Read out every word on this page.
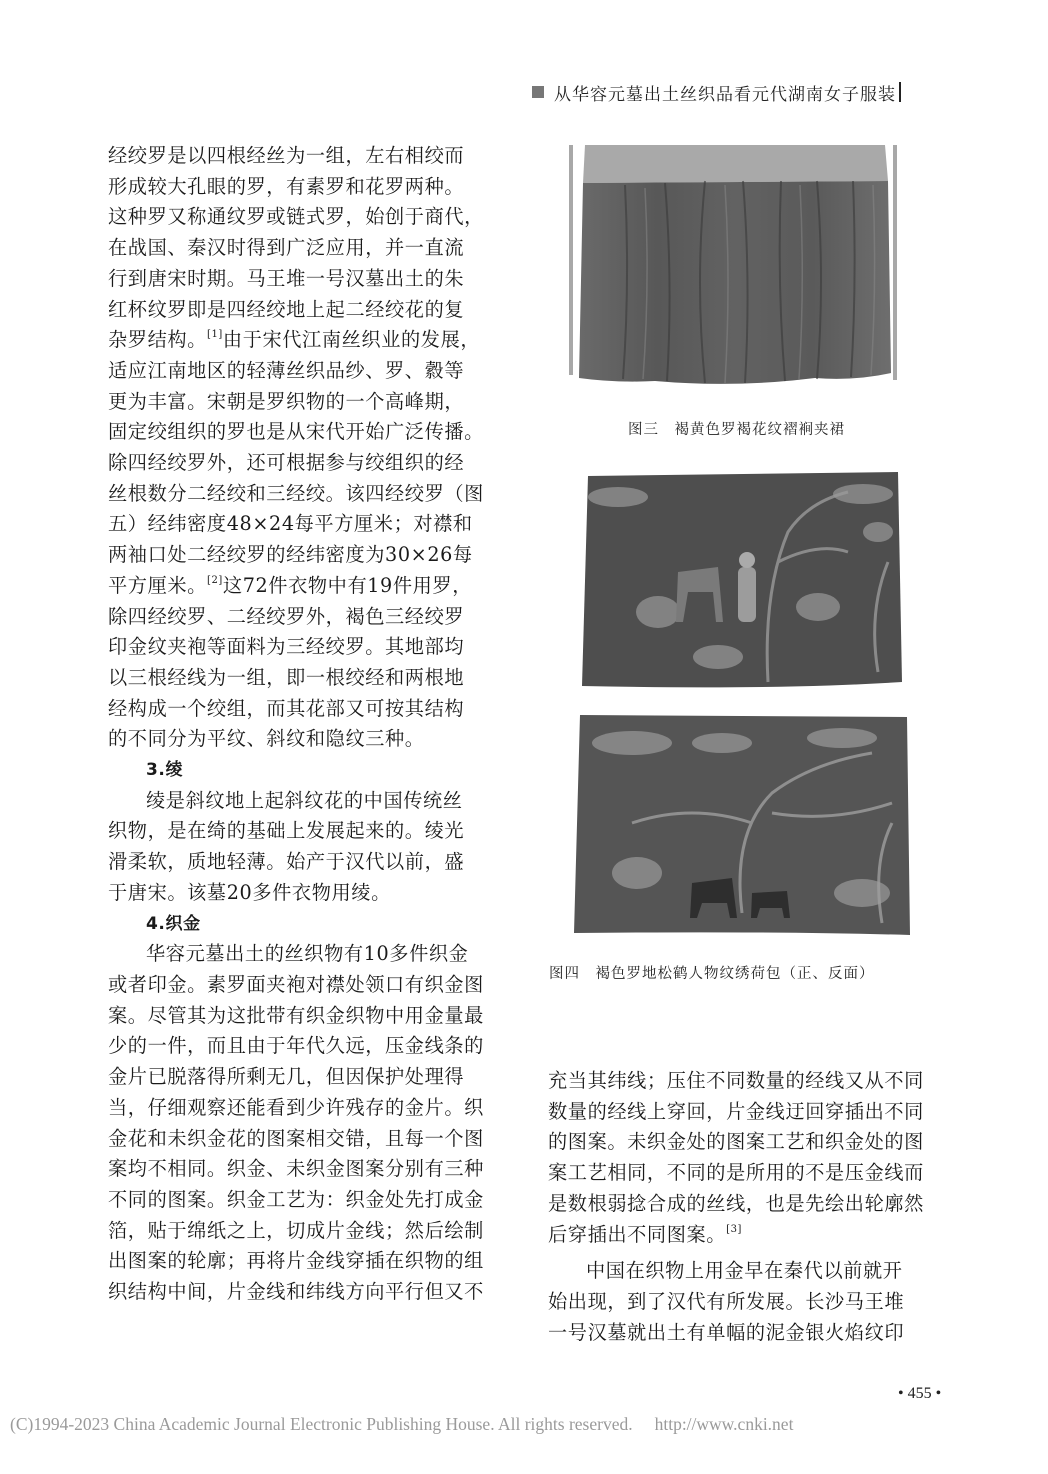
从华容元墓出土丝织品看元代湖南女子服装

经绞罗是以四根经丝为一组，左右相绞而

形成较大孔眼的罗，有素罗和花罗两种。

这种罗又称通纹罗或链式罗，始创于商代，

在战国、秦汉时得到广泛应用，并一直流

行到唐宋时期。马王堆一号汉墓出土的朱

红杯纹罗即是四经绞地上起二经绞花的复

杂罗结构。[1]由于宋代江南丝织业的发展，

适应江南地区的轻薄丝织品纱、罗、縠等

更为丰富。宋朝是罗织物的一个高峰期，

固定绞组织的罗也是从宋代开始广泛传播。

除四经绞罗外，还可根据参与绞组织的经

丝根数分二经绞和三经绞。该四经绞罗（图

五）经纬密度48×24每平方厘米；对襟和

两袖口处二经绞罗的经纬密度为30×26每

平方厘米。[2]这72件衣物中有19件用罗，

除四经绞罗、二经绞罗外，褐色三经绞罗

印金纹夹袍等面料为三经绞罗。其地部均

以三根经线为一组，即一根绞经和两根地

经构成一个绞组，而其花部又可按其结构

的不同分为平纹、斜纹和隐纹三种。

3.绫

绫是斜纹地上起斜纹花的中国传统丝

织物，是在绮的基础上发展起来的。绫光

滑柔软，质地轻薄。始产于汉代以前，盛

于唐宋。该墓20多件衣物用绫。

4.织金

华容元墓出土的丝织物有10多件织金

或者印金。素罗面夹袍对襟处领口有织金图

案。尽管其为这批带有织金织物中用金量最

少的一件，而且由于年代久远，压金线条的

金片已脱落得所剩无几，但因保护处理得

当，仔细观察还能看到少许残存的金片。织

金花和未织金花的图案相交错，且每一个图

案均不相同。织金、未织金图案分别有三种

不同的图案。织金工艺为：织金处先打成金

箔，贴于绵纸之上，切成片金线；然后绘制

出图案的轮廓；再将片金线穿插在织物的组

织结构中间，片金线和纬线方向平行但又不

图三　褐黄色罗褐花纹褶裥夹裙
图四　褐色罗地松鹤人物纹绣荷包（正、反面）

充当其纬线；压住不同数量的经线又从不同

数量的经线上穿回，片金线迂回穿插出不同

的图案。未织金处的图案工艺和织金处的图

案工艺相同，不同的是所用的不是压金线而

是数根弱捻合成的丝线，也是先绘出轮廓然

后穿插出不同图案。[3]

中国在织物上用金早在秦代以前就开

始出现，到了汉代有所发展。长沙马王堆

一号汉墓就出土有单幅的泥金银火焰纹印

• 455 •
(C)1994-2023 China Academic Journal Electronic Publishing House. All rights reserved. http://www.cnki.net
